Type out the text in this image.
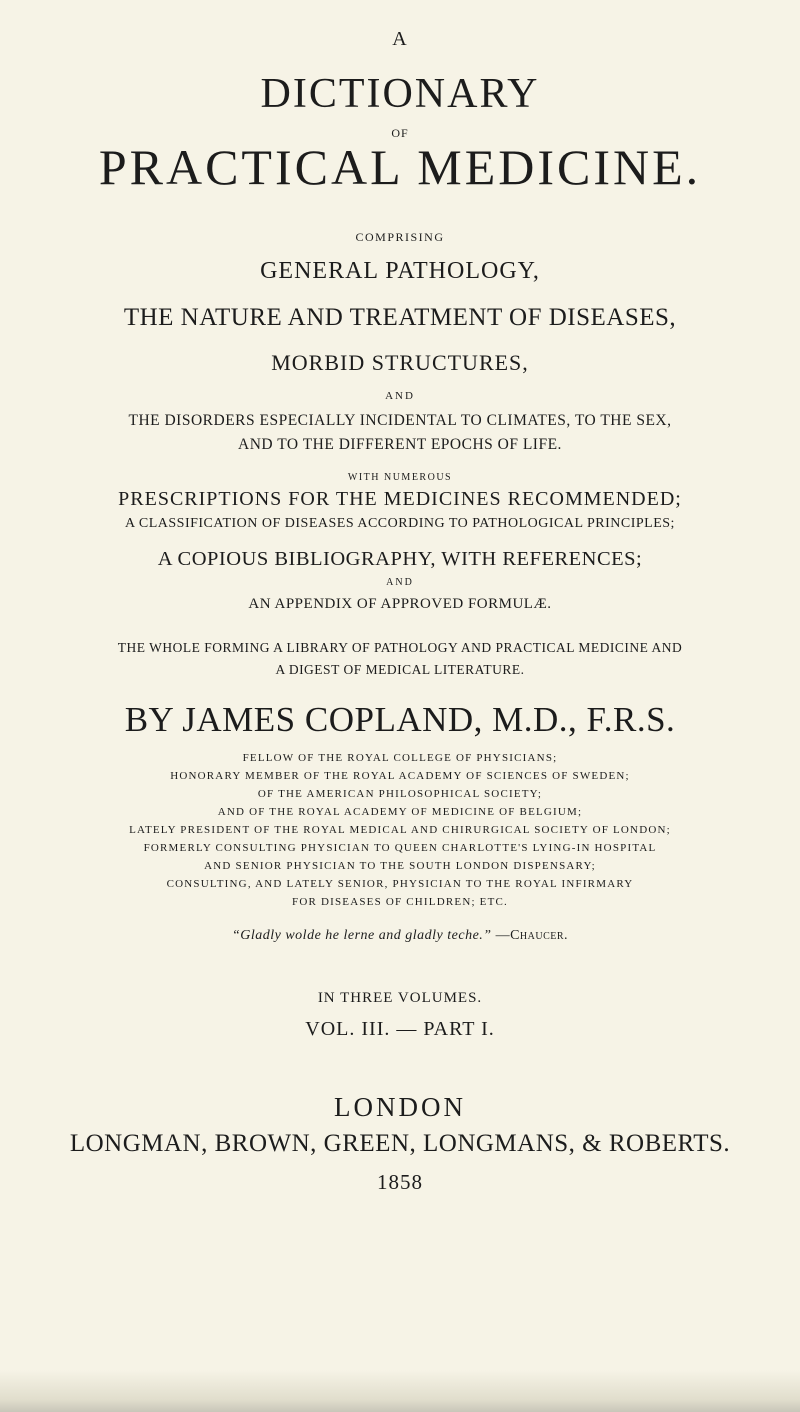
A
DICTIONARY
OF
PRACTICAL MEDICINE.
COMPRISING
GENERAL PATHOLOGY,
THE NATURE AND TREATMENT OF DISEASES,
MORBID STRUCTURES,
AND
THE DISORDERS ESPECIALLY INCIDENTAL TO CLIMATES, TO THE SEX,
AND TO THE DIFFERENT EPOCHS OF LIFE.
WITH NUMEROUS
PRESCRIPTIONS FOR THE MEDICINES RECOMMENDED;
A CLASSIFICATION OF DISEASES ACCORDING TO PATHOLOGICAL PRINCIPLES;
A COPIOUS BIBLIOGRAPHY, WITH REFERENCES;
AND
AN APPENDIX OF APPROVED FORMULÆ.
THE WHOLE FORMING A LIBRARY OF PATHOLOGY AND PRACTICAL MEDICINE AND
A DIGEST OF MEDICAL LITERATURE.
BY JAMES COPLAND, M.D., F.R.S.
FELLOW OF THE ROYAL COLLEGE OF PHYSICIANS;
HONORARY MEMBER OF THE ROYAL ACADEMY OF SCIENCES OF SWEDEN;
OF THE AMERICAN PHILOSOPHICAL SOCIETY;
AND OF THE ROYAL ACADEMY OF MEDICINE OF BELGIUM;
LATELY PRESIDENT OF THE ROYAL MEDICAL AND CHIRURGICAL SOCIETY OF LONDON;
FORMERLY CONSULTING PHYSICIAN TO QUEEN CHARLOTTE'S LYING-IN HOSPITAL
AND SENIOR PHYSICIAN TO THE SOUTH LONDON DISPENSARY;
CONSULTING, AND LATELY SENIOR, PHYSICIAN TO THE ROYAL INFIRMARY
FOR DISEASES OF CHILDREN; ETC.
“Gladly wolde he lerne and gladly teche.” —Chaucer.
IN THREE VOLUMES.
VOL. III. — PART I.
LONDON
LONGMAN, BROWN, GREEN, LONGMANS, & ROBERTS.
1858
